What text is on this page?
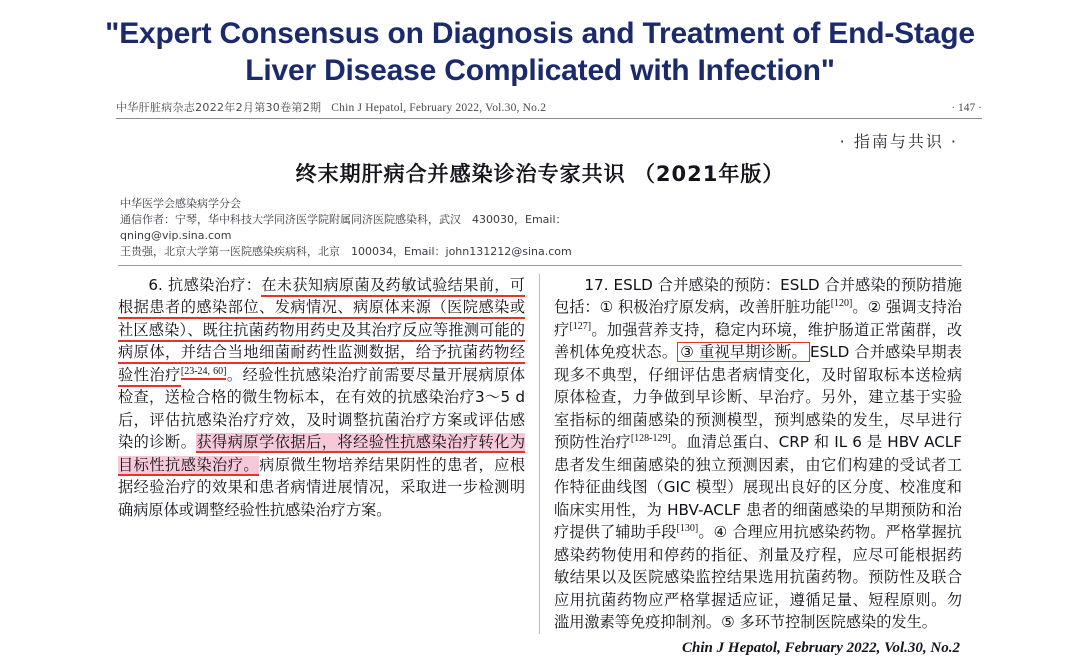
"Expert Consensus on Diagnosis and Treatment of End-Stage Liver Disease Complicated with Infection"
中华肝脏病杂志2022年2月第30卷第2期 Chin J Hepatol, February 2022, Vol.30, No.2	· 147 ·
· 指南与共识 ·
终末期肝病合并感染诊治专家共识 （2021年版）
中华医学会感染病学分会
通信作者：宁琴，华中科技大学同济医学院附属同济医院感染科，武汉　430030，Email：
qning@vip.sina.com
王贵强，北京大学第一医院感染疾病科，北京　100034，Email：john131212@sina.com

6. 抗感染治疗：在未获知病原菌及药敏试验结果前，可根据患者的感染部位、发病情况、病原体来源（医院感染或社区感染）、既往抗菌药物用药史及其治疗反应等推测可能的病原体，并结合当地细菌耐药性监测数据，给予抗菌药物经验性治疗[23-24, 60]。经验性抗感染治疗前需要尽量开展病原体检查，送检合格的微生物标本，在有效的抗感染治疗3～5 d后，评估抗感染治疗疗效，及时调整抗菌治疗方案或评估感染的诊断。获得病原学依据后，将经验性抗感染治疗转化为目标性抗感染治疗。病原微生物培养结果阴性的患者，应根据经验治疗的效果和患者病情进展情况，采取进一步检测明确病原体或调整经验性抗感染治疗方案。

17. ESLD 合并感染的预防：ESLD 合并感染的预防措施包括：① 积极治疗原发病，改善肝脏功能[120]。② 强调支持治疗[127]。加强营养支持，稳定内环境，维护肠道正常菌群，改善机体免疫状态。 ③ 重视早期诊断。 ESLD 合并感染早期表现多不典型，仔细评估患者病情变化，及时留取标本送检病原体检查，力争做到早诊断、早治疗。另外，建立基于实验室指标的细菌感染的预测模型，预判感染的发生，尽早进行预防性治疗[128-129]。血清总蛋白、CRP 和 IL 6 是 HBV ACLF 患者发生细菌感染的独立预测因素，由它们构建的受试者工作特征曲线图（GIC 模型）展现出良好的区分度、校准度和临床实用性，为 HBV-ACLF 患者的细菌感染的早期预防和治疗提供了辅助手段[130]。④ 合理应用抗感染药物。严格掌握抗感染药物使用和停药的指征、剂量及疗程，应尽可能根据药敏结果以及医院感染监控结果选用抗菌药物。预防性及联合应用抗菌药物应严格掌握适应证，遵循足量、短程原则。勿滥用激素等免疫抑制剂。⑤ 多环节控制医院感染的发生。

Chin J Hepatol, February 2022, Vol.30, No.2
